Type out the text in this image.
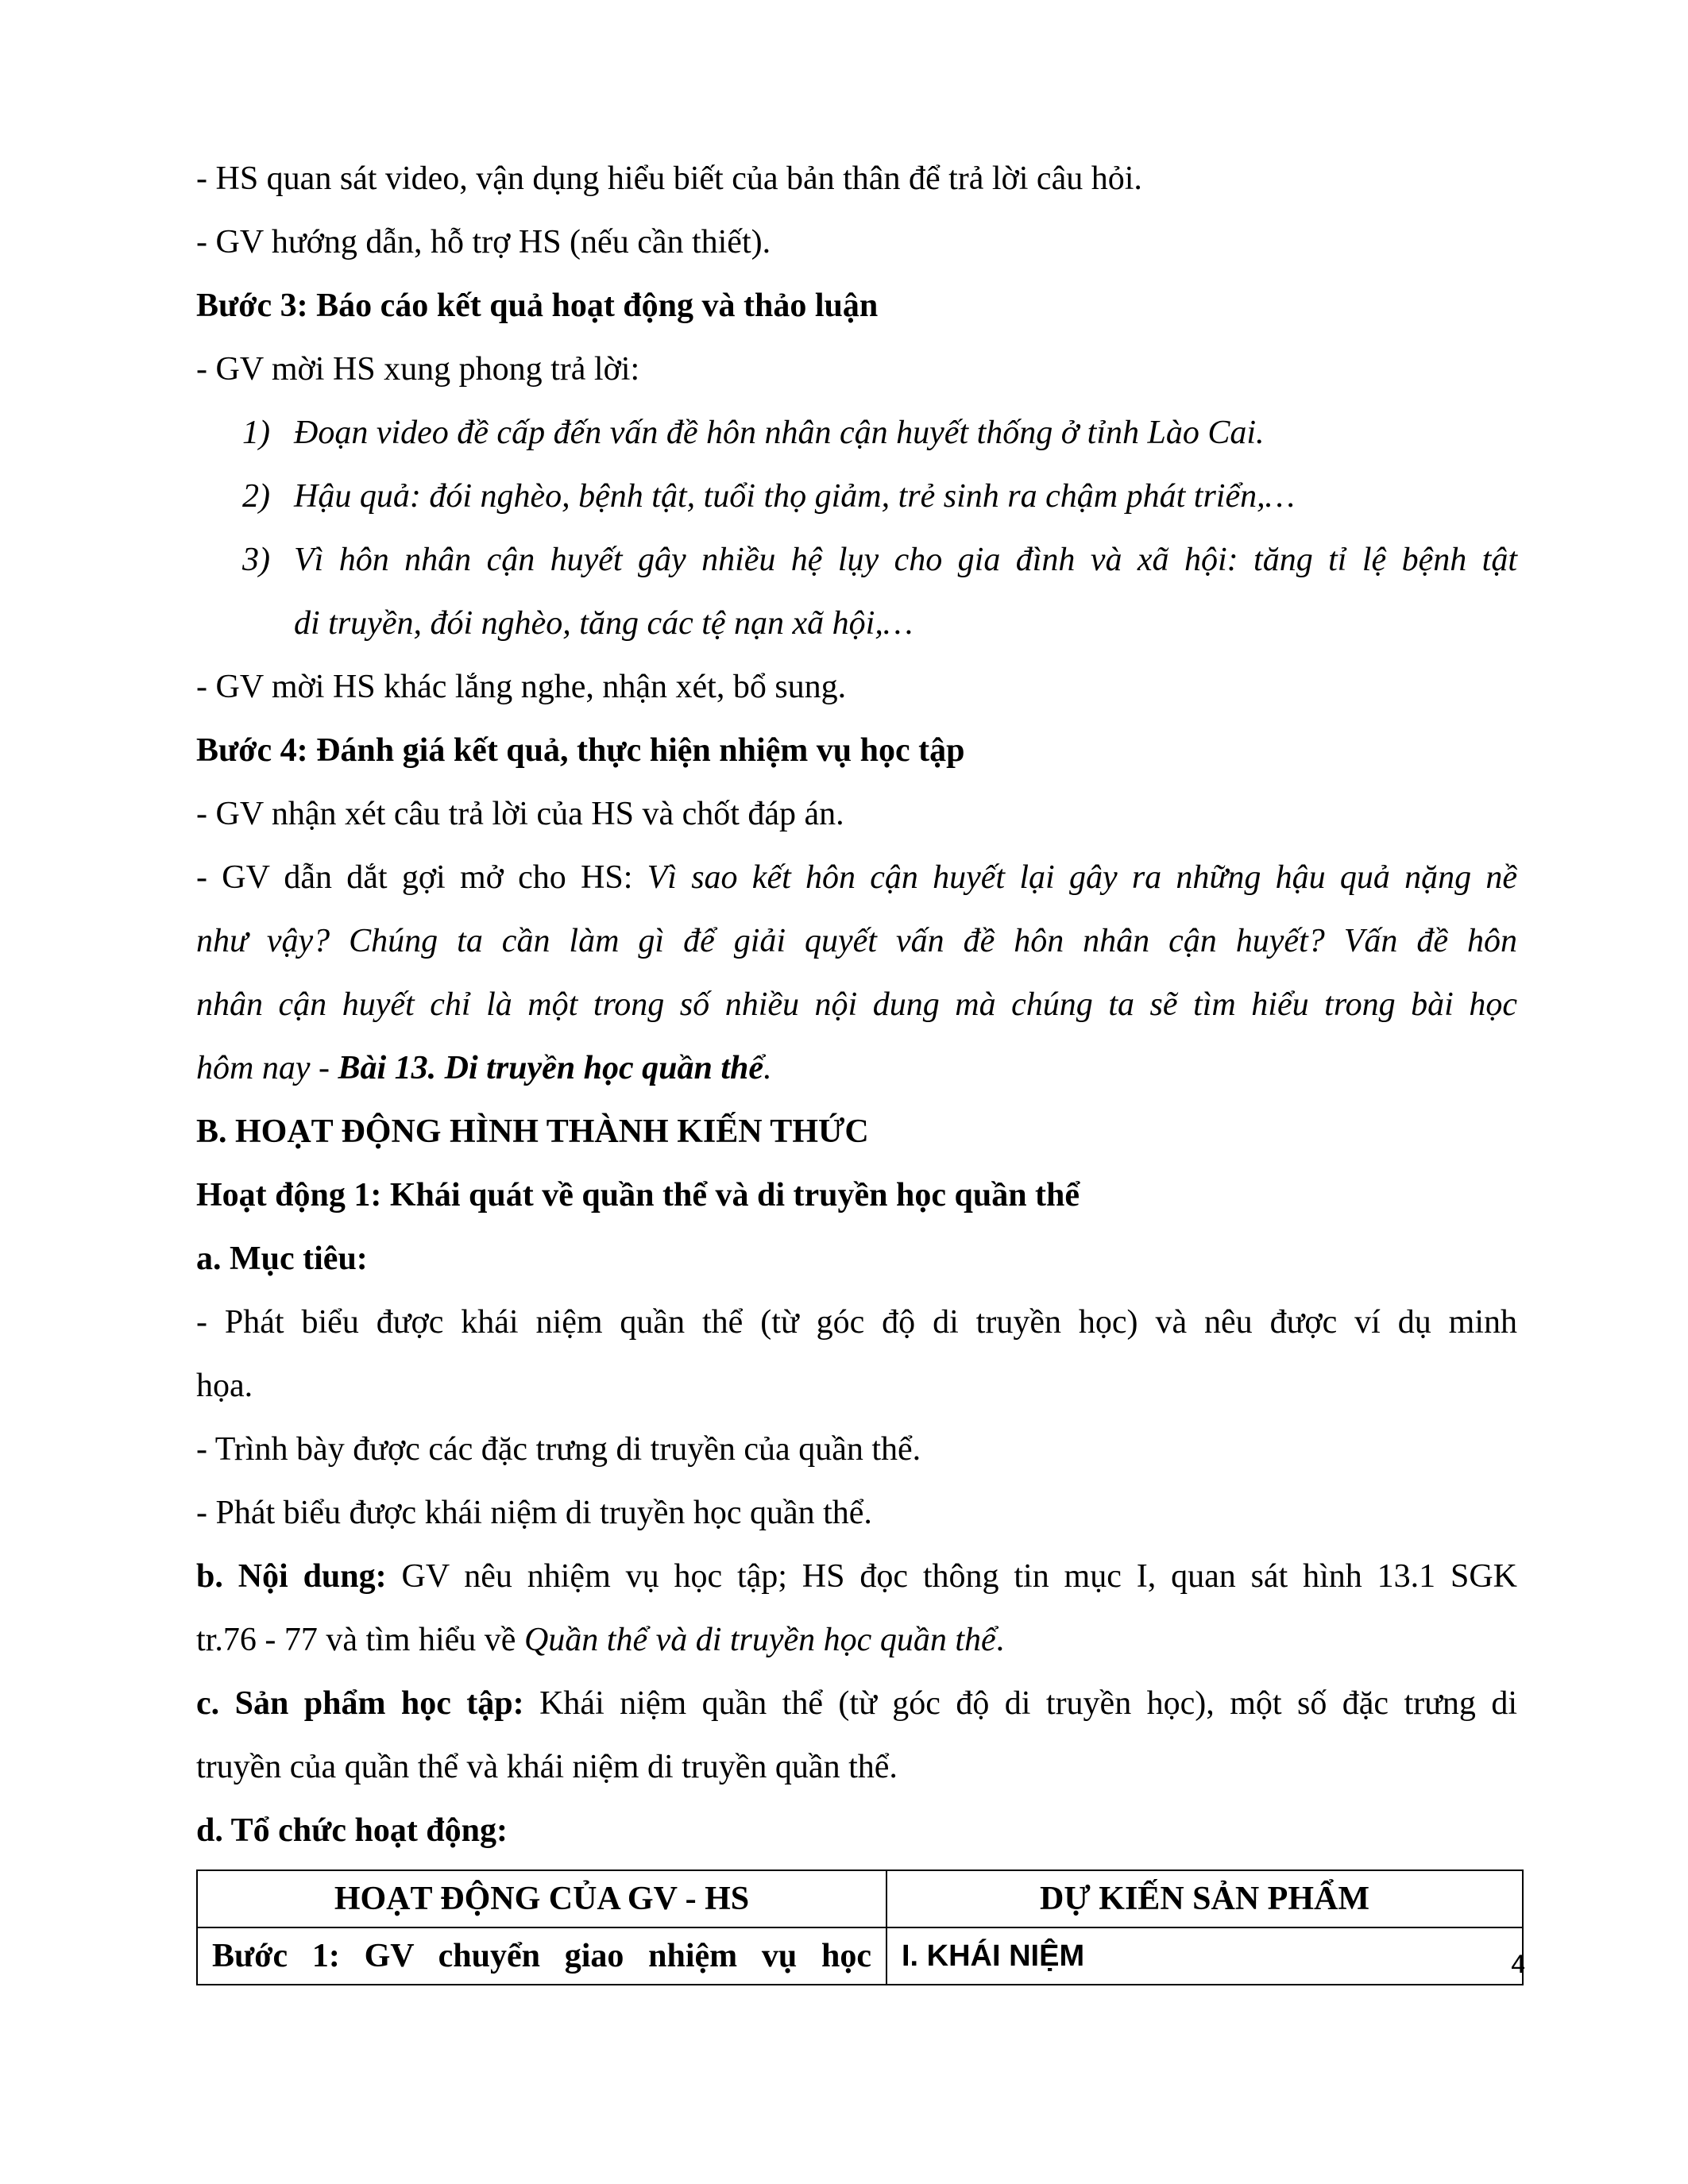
- HS quan sát video, vận dụng hiểu biết của bản thân để trả lời câu hỏi.
- GV hướng dẫn, hỗ trợ HS (nếu cần thiết).
Bước 3: Báo cáo kết quả hoạt động và thảo luận
- GV mời HS xung phong trả lời:
1) Đoạn video đề cấp đến vấn đề hôn nhân cận huyết thống ở tỉnh Lào Cai.
2) Hậu quả: đói nghèo, bệnh tật, tuổi thọ giảm, trẻ sinh ra chậm phát triển,…
3) Vì hôn nhân cận huyết gây nhiều hệ lụy cho gia đình và xã hội: tăng tỉ lệ bệnh tật
di truyền, đói nghèo, tăng các tệ nạn xã hội,…
- GV mời HS khác lắng nghe, nhận xét, bổ sung.
Bước 4: Đánh giá kết quả, thực hiện nhiệm vụ học tập
- GV nhận xét câu trả lời của HS và chốt đáp án.
- GV dẫn dắt gợi mở cho HS: Vì sao kết hôn cận huyết lại gây ra những hậu quả nặng nề
như vậy? Chúng ta cần làm gì để giải quyết vấn đề hôn nhân cận huyết? Vấn đề hôn
nhân cận huyết chỉ là một trong số nhiều nội dung mà chúng ta sẽ tìm hiểu trong bài học
hôm nay - Bài 13. Di truyền học quần thể.
B. HOẠT ĐỘNG HÌNH THÀNH KIẾN THỨC
Hoạt động 1: Khái quát về quần thể và di truyền học quần thể
a. Mục tiêu:
- Phát biểu được khái niệm quần thể (từ góc độ di truyền học) và nêu được ví dụ minh
họa.
- Trình bày được các đặc trưng di truyền của quần thể.
- Phát biểu được khái niệm di truyền học quần thể.
b. Nội dung: GV nêu nhiệm vụ học tập; HS đọc thông tin mục I, quan sát hình 13.1 SGK
tr.76 - 77 và tìm hiểu về Quần thể và di truyền học quần thể.
c. Sản phẩm học tập: Khái niệm quần thể (từ góc độ di truyền học), một số đặc trưng di
truyền của quần thể và khái niệm di truyền quần thể.
d. Tổ chức hoạt động:
HOẠT ĐỘNG CỦA GV - HS	DỰ KIẾN SẢN PHẨM
Bước 1: GV chuyển giao nhiệm vụ học	I. KHÁI NIỆM	4
